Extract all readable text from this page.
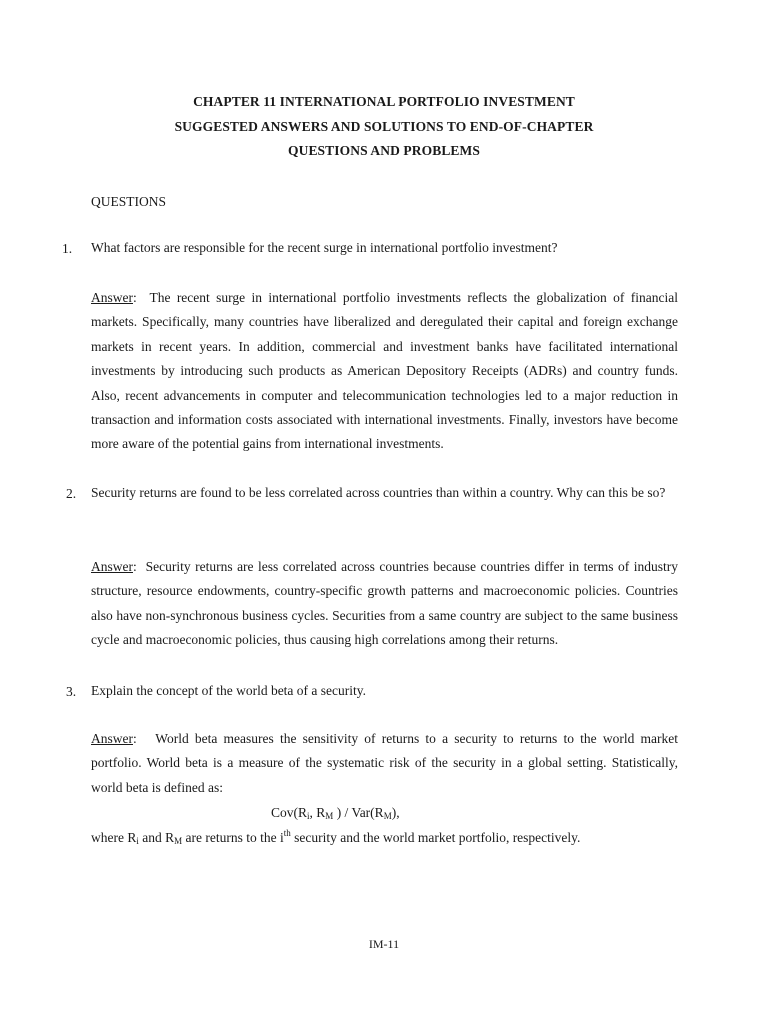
CHAPTER 11 INTERNATIONAL PORTFOLIO INVESTMENT
SUGGESTED ANSWERS AND SOLUTIONS TO END-OF-CHAPTER
QUESTIONS AND PROBLEMS
QUESTIONS
1. What factors are responsible for the recent surge in international portfolio investment?
Answer:  The recent surge in international portfolio investments reflects the globalization of financial markets. Specifically, many countries have liberalized and deregulated their capital and foreign exchange markets in recent years. In addition, commercial and investment banks have facilitated international investments by introducing such products as American Depository Receipts (ADRs) and country funds. Also, recent advancements in computer and telecommunication technologies led to a major reduction in transaction and information costs associated with international investments. Finally, investors have become more aware of the potential gains from international investments.
2. Security returns are found to be less correlated across countries than within a country. Why can this be so?
Answer:  Security returns are less correlated across countries because countries differ in terms of industry structure, resource endowments, country-specific growth patterns and macroeconomic policies. Countries also have non-synchronous business cycles. Securities from a same country are subject to the same business cycle and macroeconomic policies, thus causing high correlations among their returns.
3. Explain the concept of the world beta of a security.
Answer:   World beta measures the sensitivity of returns to a security to returns to the world market portfolio. World beta is a measure of the systematic risk of the security in a global setting. Statistically, world beta is defined as:
$Cov(R_i$, $R_M$ ) / $Var(R_M)$,
where $R_i$ and $R_M$ are returns to the $i^{th}$ security and the world market portfolio, respectively.
IM-11
